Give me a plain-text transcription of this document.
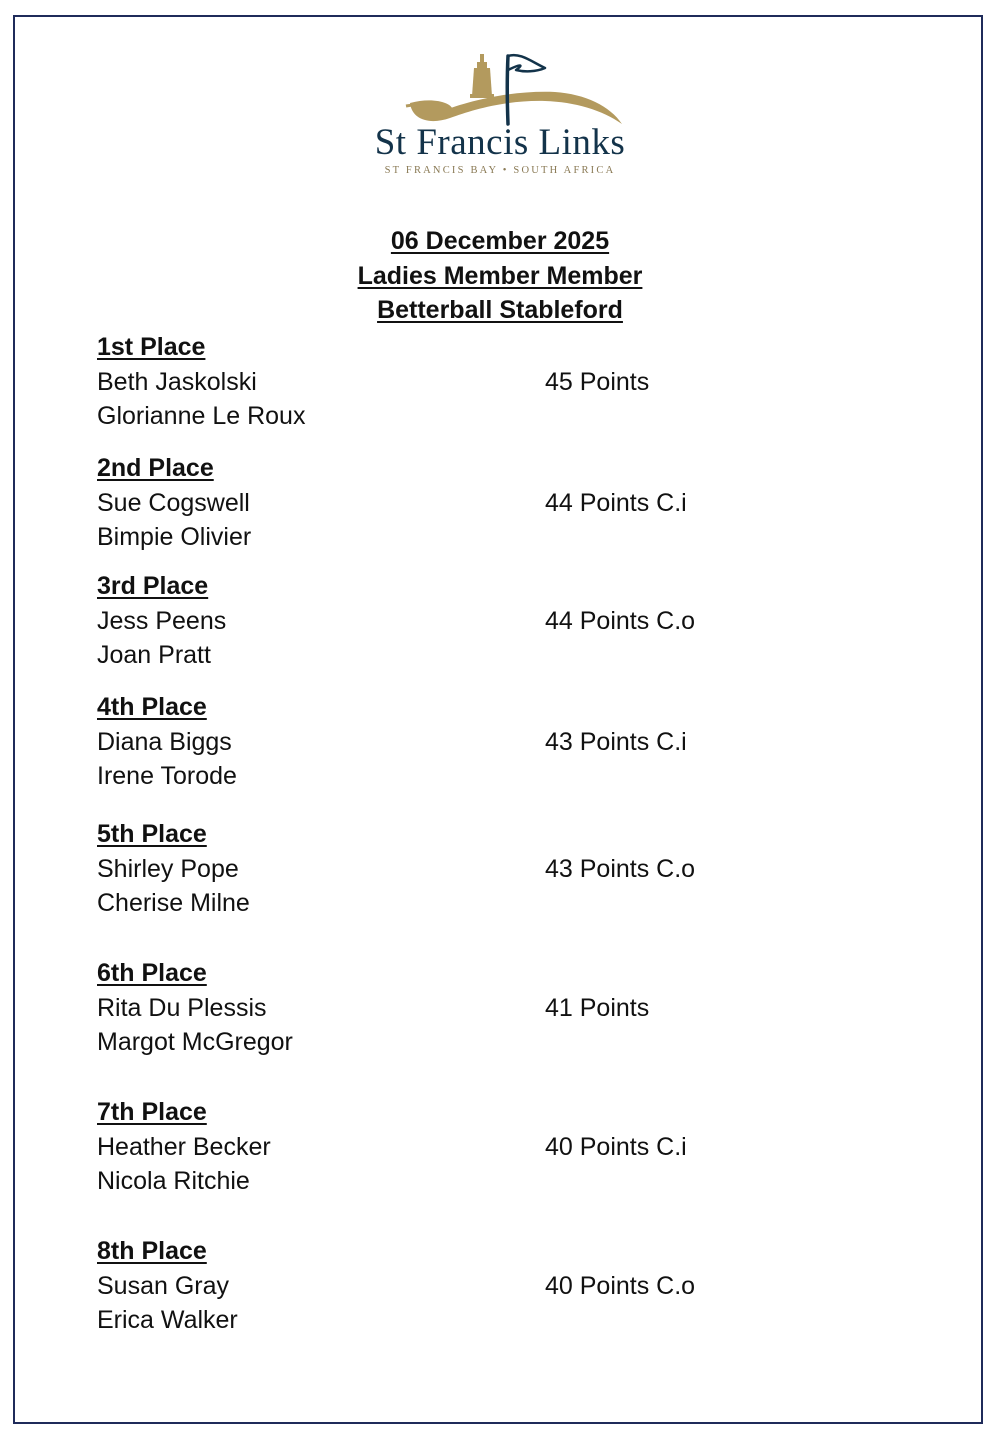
St Francis Links
ST FRANCIS BAY • SOUTH AFRICA
06 December 2025
Ladies Member Member
Betterball Stableford
1st Place
Beth Jaskolski	45 Points
Glorianne Le Roux
2nd Place
Sue Cogswell	44 Points C.i
Bimpie Olivier
3rd Place
Jess Peens	44 Points C.o
Joan Pratt
4th Place
Diana Biggs	43 Points C.i
Irene Torode
5th Place
Shirley Pope	43 Points C.o
Cherise Milne
6th Place
Rita Du Plessis	41 Points
Margot McGregor
7th Place
Heather Becker	40 Points C.i
Nicola Ritchie
8th Place
Susan Gray	40 Points C.o
Erica Walker
